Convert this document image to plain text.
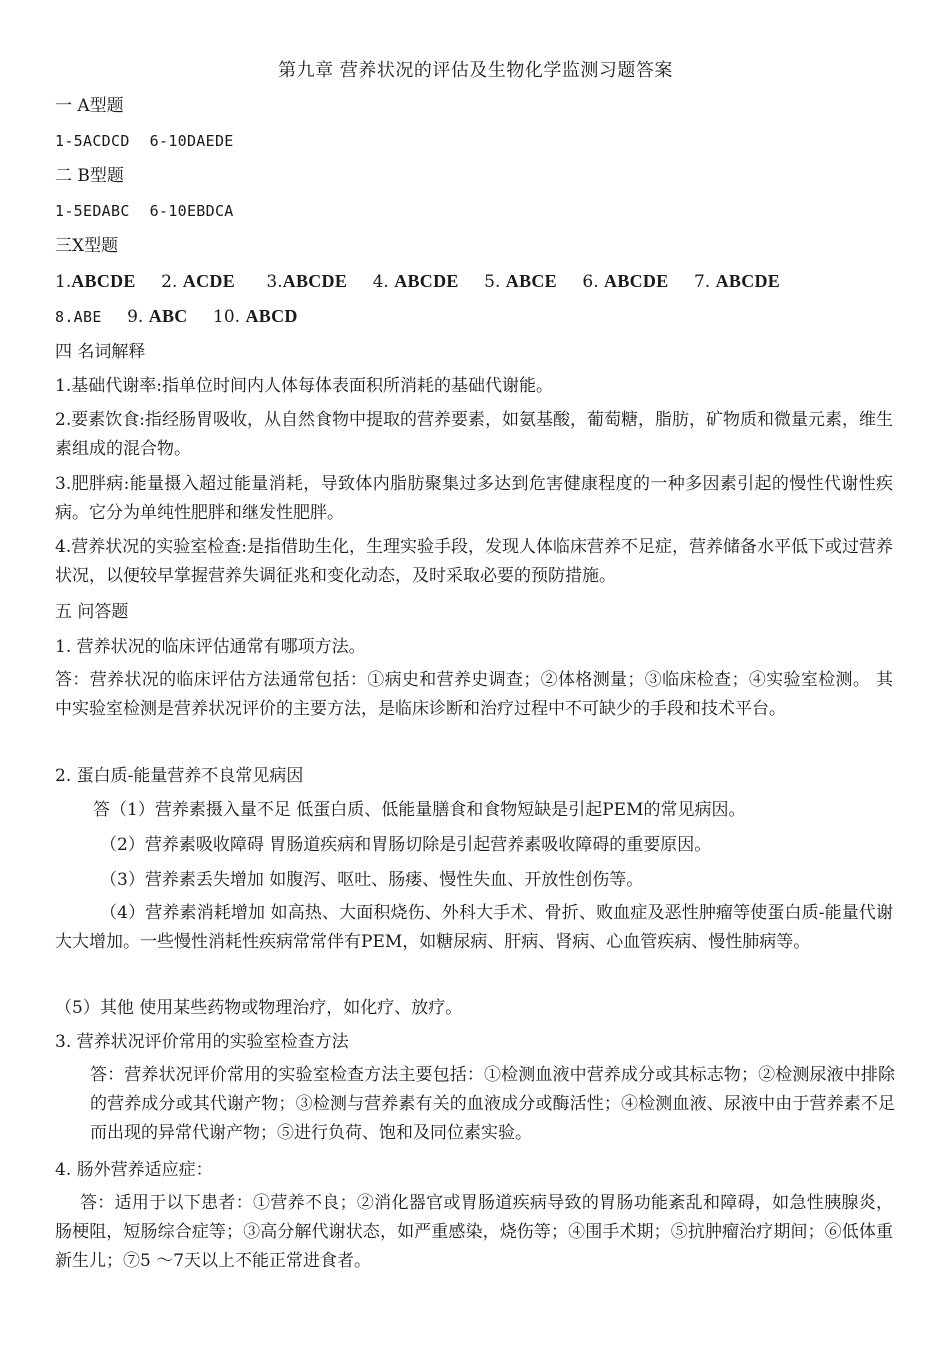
第九章 营养状况的评估及生物化学监测习题答案
一 A型题
1-5ACDCD 6-10DAEDE
二 B型题
1-5EDABC 6-10EBDCA
三X型题
1.ABCDE 2. ACDE 3.ABCDE 4. ABCDE 5. ABCE 6. ABCDE 7. ABCDE
8.ABE 9. ABC 10. ABCD
四 名词解释
1.基础代谢率:指单位时间内人体每体表面积所消耗的基础代谢能。
2.要素饮食:指经肠胃吸收，从自然食物中提取的营养要素，如氨基酸，葡萄糖，脂肪，矿物质和微量元素，维生素组成的混合物。
3.肥胖病:能量摄入超过能量消耗，导致体内脂肪聚集过多达到危害健康程度的一种多因素引起的慢性代谢性疾病。它分为单纯性肥胖和继发性肥胖。
4.营养状况的实验室检查:是指借助生化，生理实验手段，发现人体临床营养不足症，营养储备水平低下或过营养状况，以便较早掌握营养失调征兆和变化动态，及时采取必要的预防措施。
五 问答题
1. 营养状况的临床评估通常有哪项方法。
答：营养状况的临床评估方法通常包括：①病史和营养史调查；②体格测量；③临床检查；④实验室检测。 其中实验室检测是营养状况评价的主要方法，是临床诊断和治疗过程中不可缺少的手段和技术平台。
2. 蛋白质-能量营养不良常见病因
答（1）营养素摄入量不足 低蛋白质、低能量膳食和食物短缺是引起PEM的常见病因。
（2）营养素吸收障碍 胃肠道疾病和胃肠切除是引起营养素吸收障碍的重要原因。
（3）营养素丢失增加 如腹泻、呕吐、肠瘘、慢性失血、开放性创伤等。
（4）营养素消耗增加 如高热、大面积烧伤、外科大手术、骨折、败血症及恶性肿瘤等使蛋白质-能量代谢大大增加。一些慢性消耗性疾病常常伴有PEM，如糖尿病、肝病、肾病、心血管疾病、慢性肺病等。
（5）其他 使用某些药物或物理治疗，如化疗、放疗。
3. 营养状况评价常用的实验室检查方法
答：营养状况评价常用的实验室检查方法主要包括：①检测血液中营养成分或其标志物；②检测尿液中排除的营养成分或其代谢产物；③检测与营养素有关的血液成分或酶活性；④检测血液、尿液中由于营养素不足而出现的异常代谢产物；⑤进行负荷、饱和及同位素实验。
4. 肠外营养适应症：
答：适用于以下患者：①营养不良；②消化器官或胃肠道疾病导致的胃肠功能紊乱和障碍，如急性胰腺炎，肠梗阻，短肠综合症等；③高分解代谢状态，如严重感染，烧伤等；④围手术期；⑤抗肿瘤治疗期间；⑥低体重新生儿；⑦5 ～7天以上不能正常进食者。
